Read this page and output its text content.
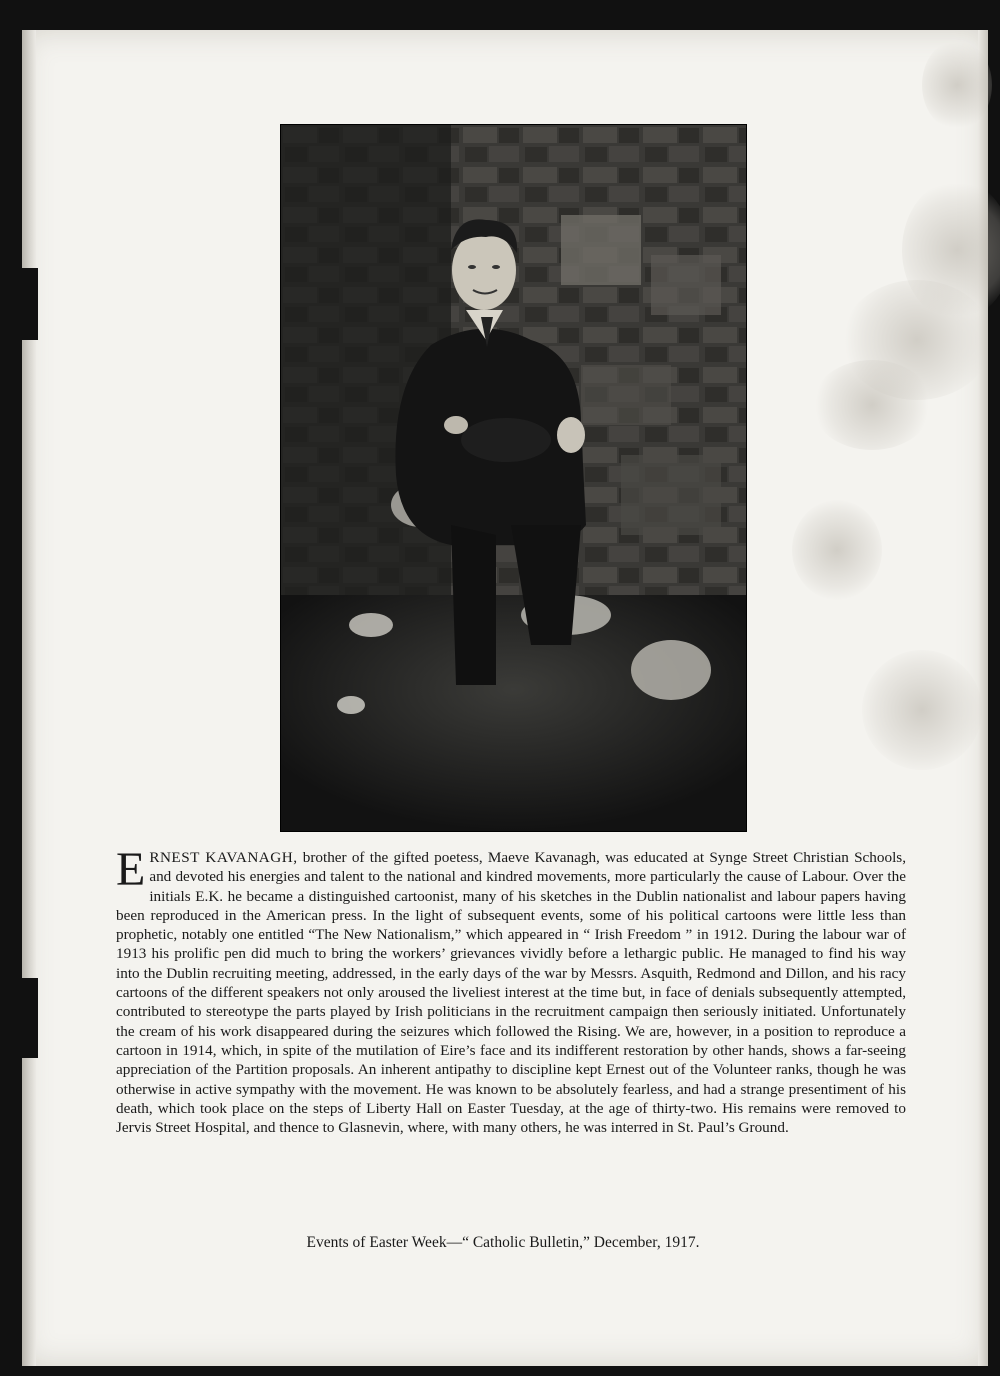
ERNEST KAVANAGH, brother of the gifted poetess, Maeve Kavanagh, was educated at Synge Street Christian Schools, and devoted his energies and talent to the national and kindred movements, more particularly the cause of Labour. Over the initials E.K. he became a distinguished cartoonist, many of his sketches in the Dublin nationalist and labour papers having been reproduced in the American press. In the light of subsequent events, some of his political cartoons were little less than prophetic, notably one entitled “The New Nationalism,” which appeared in “ Irish Freedom ” in 1912. During the labour war of 1913 his prolific pen did much to bring the workers’ grievances vividly before a lethargic public. He managed to find his way into the Dublin recruiting meeting, addressed, in the early days of the war by Messrs. Asquith, Redmond and Dillon, and his racy cartoons of the different speakers not only aroused the liveliest interest at the time but, in face of denials subsequently attempted, contributed to stereotype the parts played by Irish politicians in the recruitment campaign then seriously initiated. Unfortunately the cream of his work disappeared during the seizures which followed the Rising. We are, however, in a position to reproduce a cartoon in 1914, which, in spite of the mutilation of Eire’s face and its indifferent restoration by other hands, shows a far-seeing appreciation of the Partition proposals. An inherent antipathy to discipline kept Ernest out of the Volunteer ranks, though he was otherwise in active sympathy with the movement. He was known to be absolutely fearless, and had a strange presentiment of his death, which took place on the steps of Liberty Hall on Easter Tuesday, at the age of thirty-two. His remains were removed to Jervis Street Hospital, and thence to Glasnevin, where, with many others, he was interred in St. Paul’s Ground.
Events of Easter Week—“ Catholic Bulletin,” December, 1917.
